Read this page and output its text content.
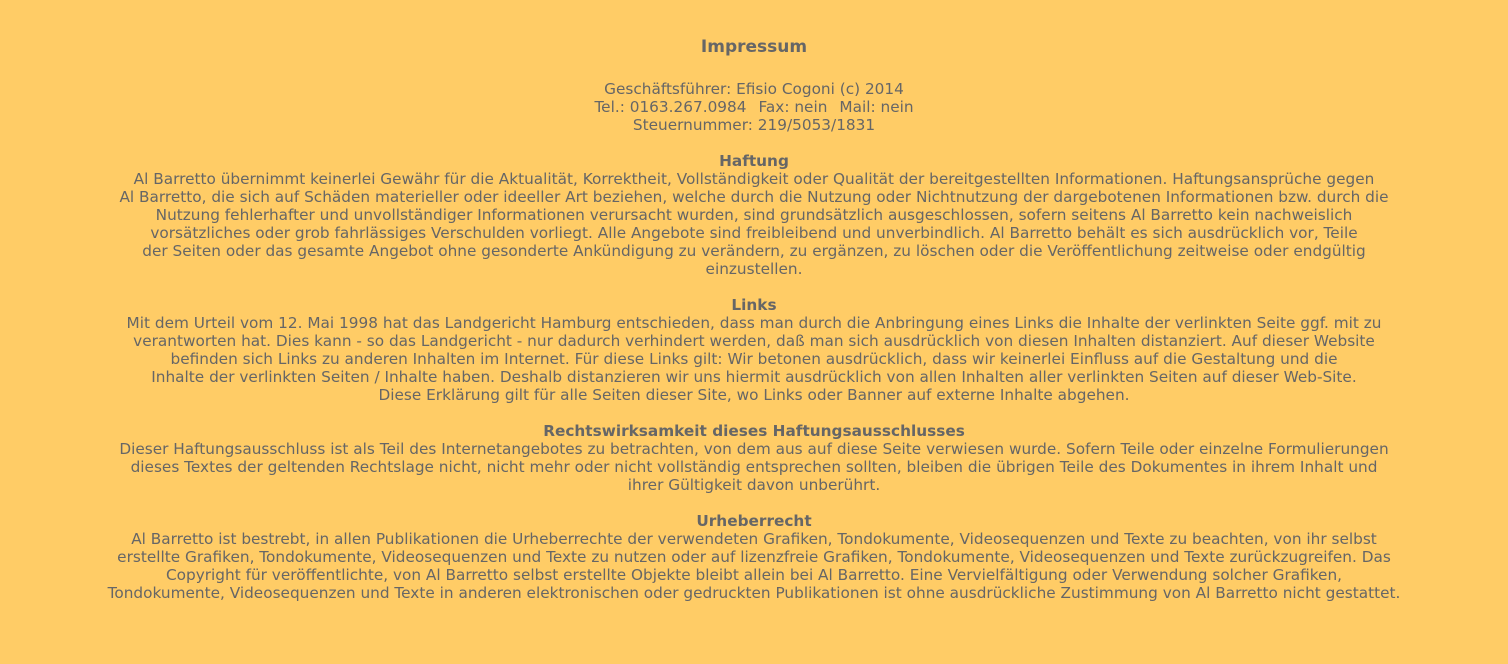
Impressum
Geschäftsführer: Efisio Cogoni (c) 2014
Tel.: 0163.267.0984 Fax: nein Mail: nein
Steuernummer: 219/5053/1831
Haftung

Al Barretto übernimmt keinerlei Gewähr für die Aktualität, Korrektheit, Vollständigkeit oder Qualität der bereitgestellten Informationen. Haftungsansprüche gegen
Al Barretto, die sich auf Schäden materieller oder ideeller Art beziehen, welche durch die Nutzung oder Nichtnutzung der dargebotenen Informationen bzw. durch die
Nutzung fehlerhafter und unvollständiger Informationen verursacht wurden, sind grundsätzlich ausgeschlossen, sofern seitens Al Barretto kein nachweislich
vorsätzliches oder grob fahrlässiges Verschulden vorliegt. Alle Angebote sind freibleibend und unverbindlich. Al Barretto behält es sich ausdrücklich vor, Teile
der Seiten oder das gesamte Angebot ohne gesonderte Ankündigung zu verändern, zu ergänzen, zu löschen oder die Veröffentlichung zeitweise oder endgültig
einzustellen.

Links

Mit dem Urteil vom 12. Mai 1998 hat das Landgericht Hamburg entschieden, dass man durch die Anbringung eines Links die Inhalte der verlinkten Seite ggf. mit zu
verantworten hat. Dies kann - so das Landgericht - nur dadurch verhindert werden, daß man sich ausdrücklich von diesen Inhalten distanziert. Auf dieser Website
befinden sich Links zu anderen Inhalten im Internet. Für diese Links gilt: Wir betonen ausdrücklich, dass wir keinerlei Einfluss auf die Gestaltung und die
Inhalte der verlinkten Seiten / Inhalte haben. Deshalb distanzieren wir uns hiermit ausdrücklich von allen Inhalten aller verlinkten Seiten auf dieser Web-Site.
Diese Erklärung gilt für alle Seiten dieser Site, wo Links oder Banner auf externe Inhalte abgehen.

Rechtswirksamkeit dieses Haftungsausschlusses

Dieser Haftungsausschluss ist als Teil des Internetangebotes zu betrachten, von dem aus auf diese Seite verwiesen wurde. Sofern Teile oder einzelne Formulierungen
dieses Textes der geltenden Rechtslage nicht, nicht mehr oder nicht vollständig entsprechen sollten, bleiben die übrigen Teile des Dokumentes in ihrem Inhalt und
ihrer Gültigkeit davon unberührt.

Urheberrecht

Al Barretto ist bestrebt, in allen Publikationen die Urheberrechte der verwendeten Grafiken, Tondokumente, Videosequenzen und Texte zu beachten, von ihr selbst
erstellte Grafiken, Tondokumente, Videosequenzen und Texte zu nutzen oder auf lizenzfreie Grafiken, Tondokumente, Videosequenzen und Texte zurückzugreifen. Das
Copyright für veröffentlichte, von Al Barretto selbst erstellte Objekte bleibt allein bei Al Barretto. Eine Vervielfältigung oder Verwendung solcher Grafiken,
Tondokumente, Videosequenzen und Texte in anderen elektronischen oder gedruckten Publikationen ist ohne ausdrückliche Zustimmung von Al Barretto nicht gestattet.
